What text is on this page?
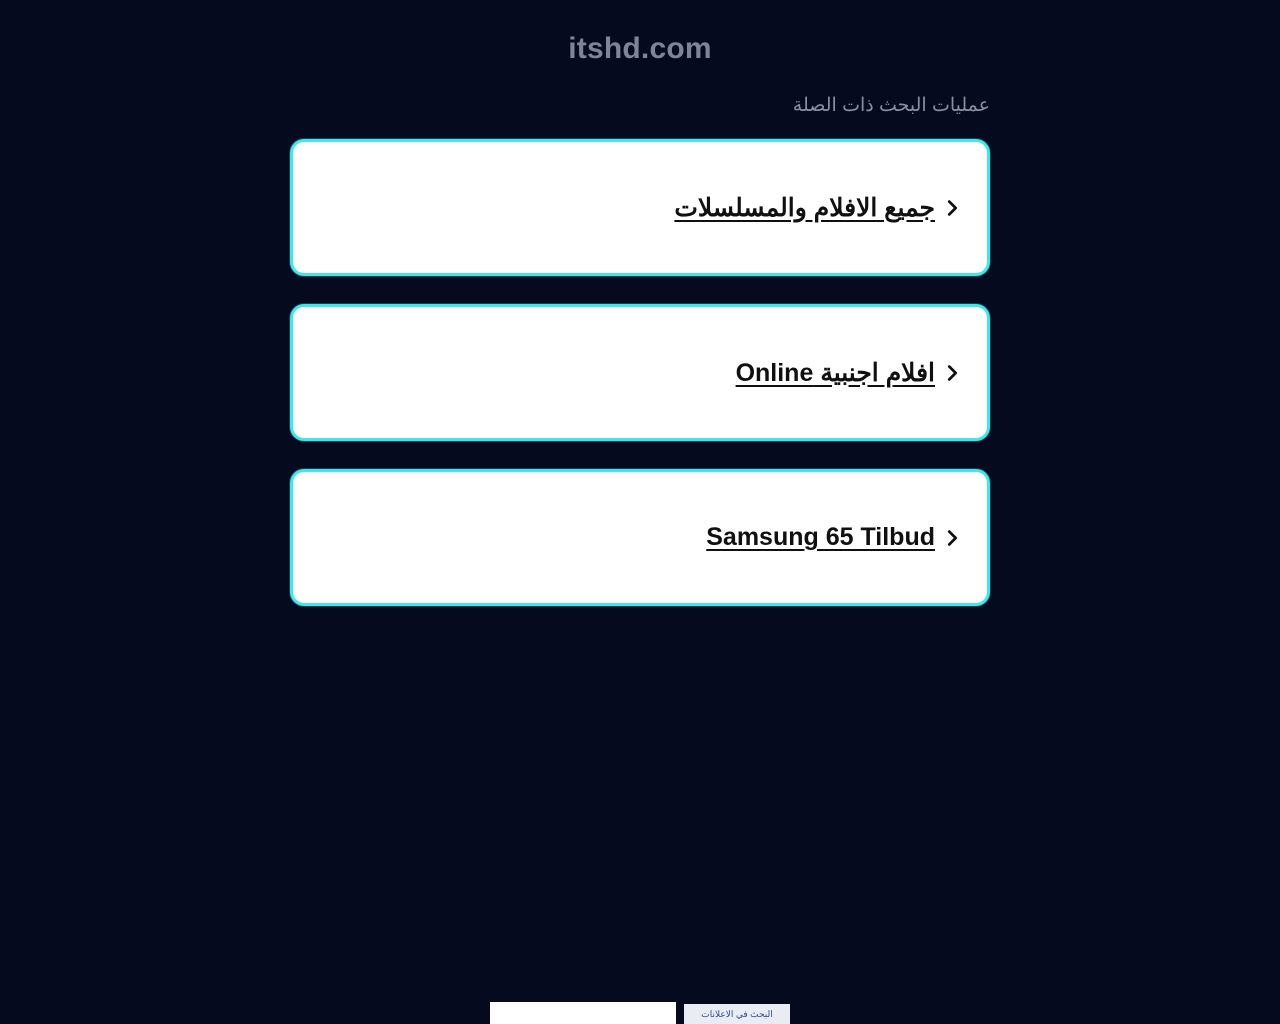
itshd.com
عمليات البحث ذات الصلة
جميع الافلام والمسلسلات
افلام اجنبية Online
Samsung 65 Tilbud
البحث في الاعلانات
